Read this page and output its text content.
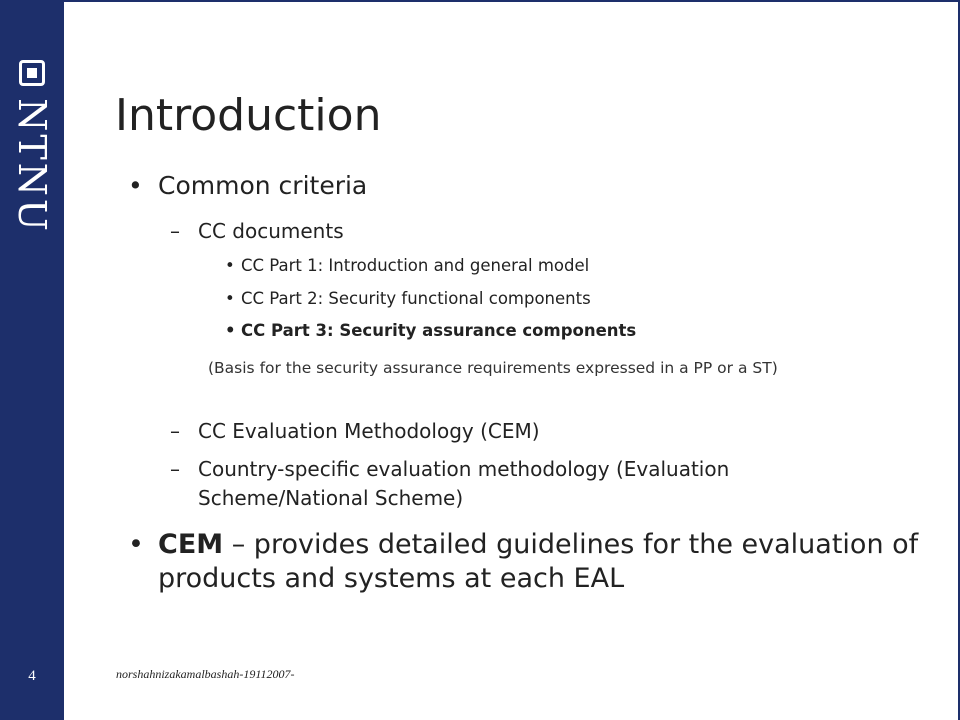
NTNU
4
Introduction
• Common criteria
– CC documents
• CC Part 1: Introduction and general model
• CC Part 2: Security functional components
• CC Part 3: Security assurance components
(Basis for the security assurance requirements expressed in a PP or a ST)
– CC Evaluation Methodology (CEM)
– Country-specific evaluation methodology (Evaluation Scheme/National Scheme)
• CEM – provides detailed guidelines for the evaluation of products and systems at each EAL
norshahnizakamalbashah-19112007-
